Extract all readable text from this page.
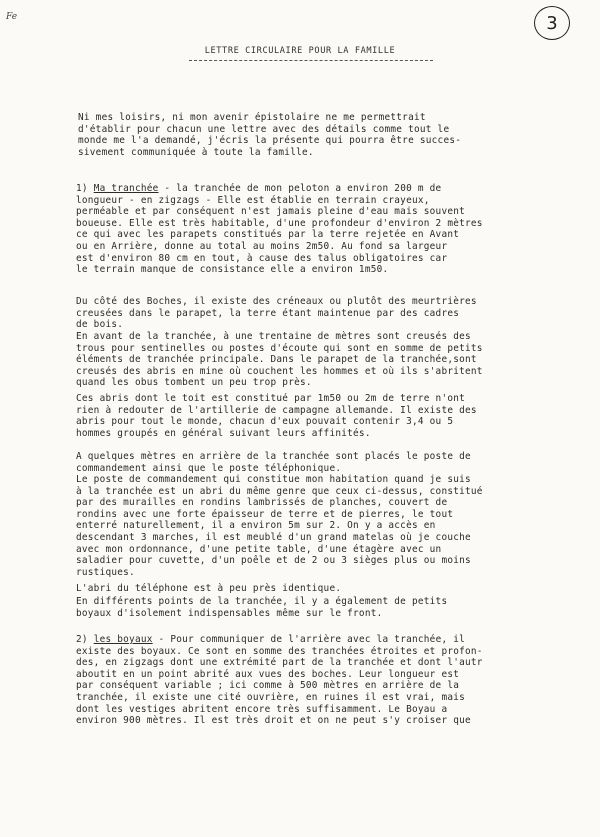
Fe	3
LETTRE CIRCULAIRE POUR LA FAMILLE
Ni mes loisirs, ni mon avenir épistolaire ne me permettrait
d'établir pour chacun une lettre avec des détails comme tout le
monde me l'a demandé, j'écris la présente qui pourra être succes-
sivement communiquée à toute la famille.
1) Ma tranchée - la tranchée de mon peloton a environ 200 m de
longueur - en zigzags - Elle est établie en terrain crayeux,
perméable et par conséquent n'est jamais pleine d'eau mais souvent
boueuse. Elle est très habitable, d'une profondeur d'environ 2 mètres
ce qui avec les parapets constitués par la terre rejetée en Avant
ou en Arrière, donne au total au moins 2m50. Au fond sa largeur
est d'environ 80 cm en tout, à cause des talus obligatoires car
le terrain manque de consistance elle a environ 1m50.
Du côté des Boches, il existe des créneaux ou plutôt des meurtrières
creusées dans le parapet, la terre étant maintenue par des cadres
de bois.
En avant de la tranchée, à une trentaine de mètres sont creusés des
trous pour sentinelles ou postes d'écoute qui sont en somme de petits
éléments de tranchée principale. Dans le parapet de la tranchée,sont
creusés des abris en mine où couchent les hommes et où ils s'abritent
quand les obus tombent un peu trop près.
Ces abris dont le toit est constitué par 1m50 ou 2m de terre n'ont
rien à redouter de l'artillerie de campagne allemande. Il existe des
abris pour tout le monde, chacun d'eux pouvait contenir 3,4 ou 5
hommes groupés en général suivant leurs affinités.
A quelques mètres en arrière de la tranchée sont placés le poste de
commandement ainsi que le poste téléphonique.
Le poste de commandement qui constitue mon habitation quand je suis
à la tranchée est un abri du même genre que ceux ci-dessus, constitué
par des murailles en rondins lambrissés de planches, couvert de
rondins avec une forte épaisseur de terre et de pierres, le tout
enterré naturellement, il a environ 5m sur 2. On y a accès en
descendant 3 marches, il est meublé d'un grand matelas où je couche
avec mon ordonnance, d'une petite table, d'une étagère avec un
saladier pour cuvette, d'un poêle et de 2 ou 3 sièges plus ou moins
rustiques.
L'abri du téléphone est à peu près identique.
En différents points de la tranchée, il y a également de petits
boyaux d'isolement indispensables même sur le front.
2) les boyaux - Pour communiquer de l'arrière avec la tranchée, il
existe des boyaux. Ce sont en somme des tranchées étroites et profon-
des, en zigzags dont une extrémité part de la tranchée et dont l'autr
aboutit en un point abrité aux vues des boches. Leur longueur est
par conséquent variable ; ici comme à 500 mètres en arrière de la
tranchée, il existe une cité ouvrière, en ruines il est vrai, mais
dont les vestiges abritent encore très suffisamment. Le Boyau a
environ 900 mètres. Il est très droit et on ne peut s'y croiser que
